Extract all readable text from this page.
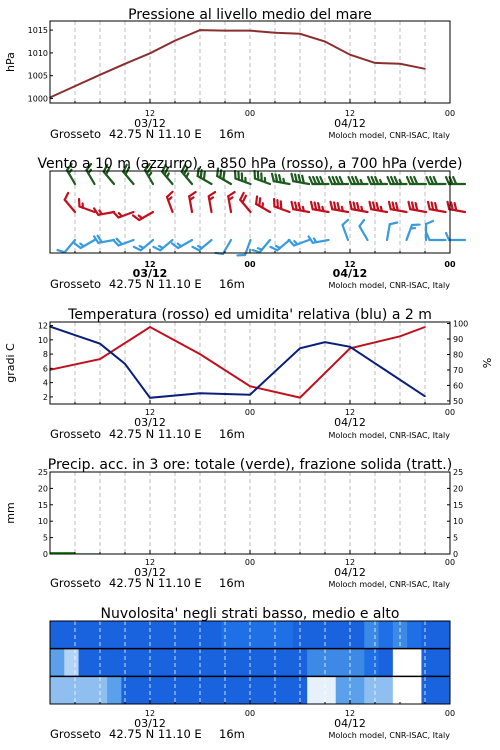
1000
1005
1010
1015
Pressione al livello medio del mare
hPa
12	00	12	00
03/12	04/12
Grosseto 42.75 N 11.10 E 16m	Moloch model, CNR-ISAC, Italy
Vento a 10 m (azzurro), a 850 hPa (rosso), a 700 hPa (verde)
12	00	12	00
03/12	04/12
Grosseto 42.75 N 11.10 E 16m	Moloch model, CNR-ISAC, Italy
2
4
6
8
10
12
50
60
70
80
90
100
Temperatura (rosso) ed umidita' relativa (blu) a 2 m
gradi C	%
12	00	12	00
03/12	04/12
Grosseto 42.75 N 11.10 E 16m	Moloch model, CNR-ISAC, Italy
0
5
10
15
20
25
0
5
10
15
20
25
Precip. acc. in 3 ore: totale (verde), frazione solida (tratt.)
mm
12	00	12	00
03/12	04/12
Grosseto 42.75 N 11.10 E 16m	Moloch model, CNR-ISAC, Italy
Nuvolosita' negli strati basso, medio e alto
12	00	12	00
03/12	04/12
Grosseto 42.75 N 11.10 E 16m	Moloch model, CNR-ISAC, Italy
